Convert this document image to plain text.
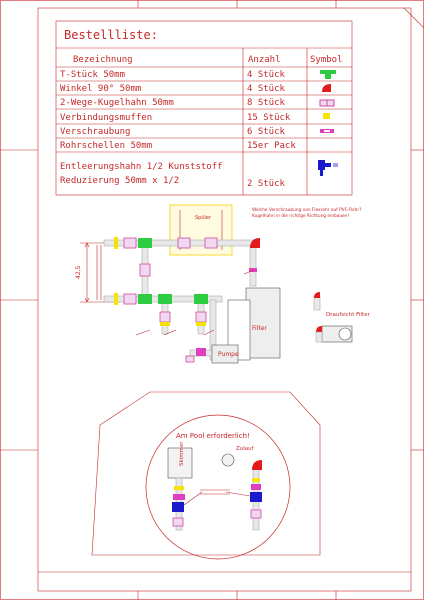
Bestellliste:
Bezeichnung	Anzahl	Symbol
T-Stück 50mm	4 Stück
Winkel 90° 50mm	4 Stück
2-Wege-Kugelhahn 50mm	8 Stück
Verbindungsmuffen	15 Stück
Verschraubung	6 Stück
Rohrschellen 50mm	15er Pack
Entleerungshahn 1/2 Kunststoff
Reduzierung 50mm x 1/2	2 Stück
42,5
Spüler
Filter
Pumpe
Welche Verschraubung von Flexrohr auf PVC-Rohr?
Kugelhahn in die richtige Richtung einbauen!
Draufsicht Filter
Am Pool erforderlich!
Skimmer	Zulauf
